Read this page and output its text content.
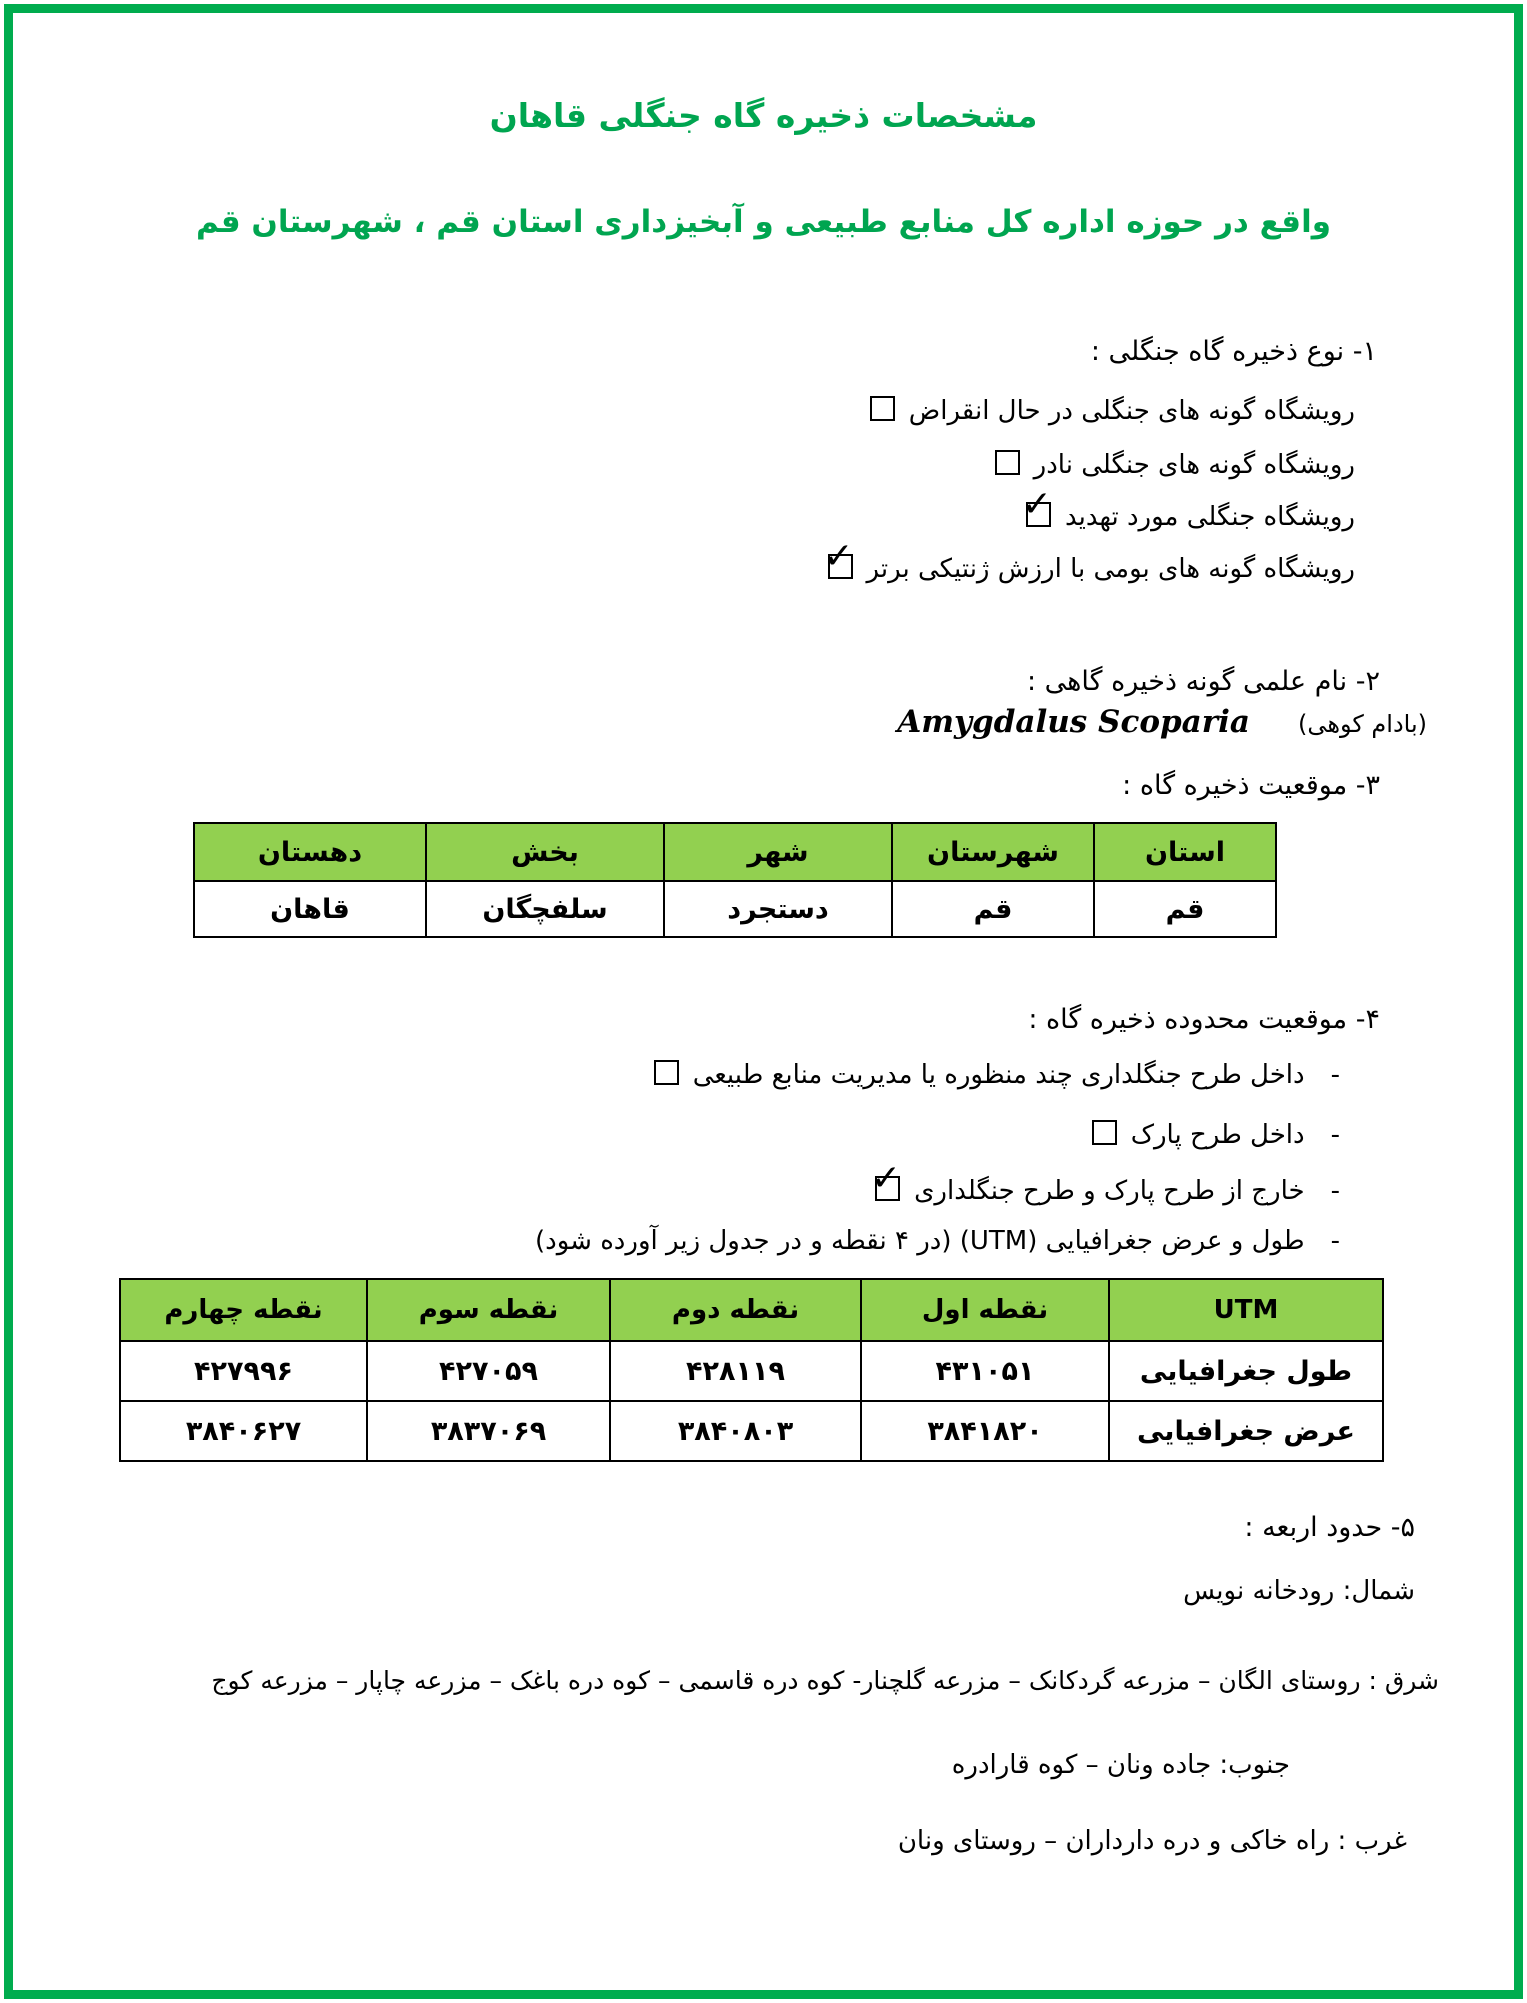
مشخصات ذخیره گاه جنگلی قاهان
واقع در حوزه اداره کل منابع طبیعی و آبخیزداری استان قم ، شهرستان قم
۱- نوع ذخیره گاه جنگلی :
رویشگاه گونه های جنگلی در حال انقراض
رویشگاه گونه های جنگلی نادر
رویشگاه جنگلی مورد تهدید✓
رویشگاه گونه های بومی با ارزش ژنتیکی برتر✓
۲- نام علمی گونه ذخیره گاهی :
(بادام کوهی)Amygdalus Scoparia
۳- موقعیت ذخیره گاه :
استان	شهرستان	شهر	بخش	دهستان
قم	قم	دستجرد	سلفچگان	قاهان
۴- موقعیت محدوده ذخیره گاه :
-داخل طرح جنگلداری چند منظوره یا مدیریت منابع طبیعی
-داخل طرح پارک
-خارج از طرح پارک و طرح جنگلداری✓
-طول و عرض جغرافیایی (UTM) (در ۴ نقطه و در جدول زیر آورده شود)
UTM	نقطه اول	نقطه دوم	نقطه سوم	نقطه چهارم
طول جغرافیایی	۴۳۱۰۵۱	۴۲۸۱۱۹	۴۲۷۰۵۹	۴۲۷۹۹۶
عرض جغرافیایی	۳۸۴۱۸۲۰	۳۸۴۰۸۰۳	۳۸۳۷۰۶۹	۳۸۴۰۶۲۷
۵- حدود اربعه :
شمال: رودخانه نویس
شرق : روستای الگان – مزرعه گردکانک – مزرعه گلچنار- کوه دره قاسمی – کوه دره باغک – مزرعه چاپار – مزرعه کوج
جنوب: جاده ونان – کوه قارادره
غرب : راه خاکی و دره دارداران – روستای ونان
